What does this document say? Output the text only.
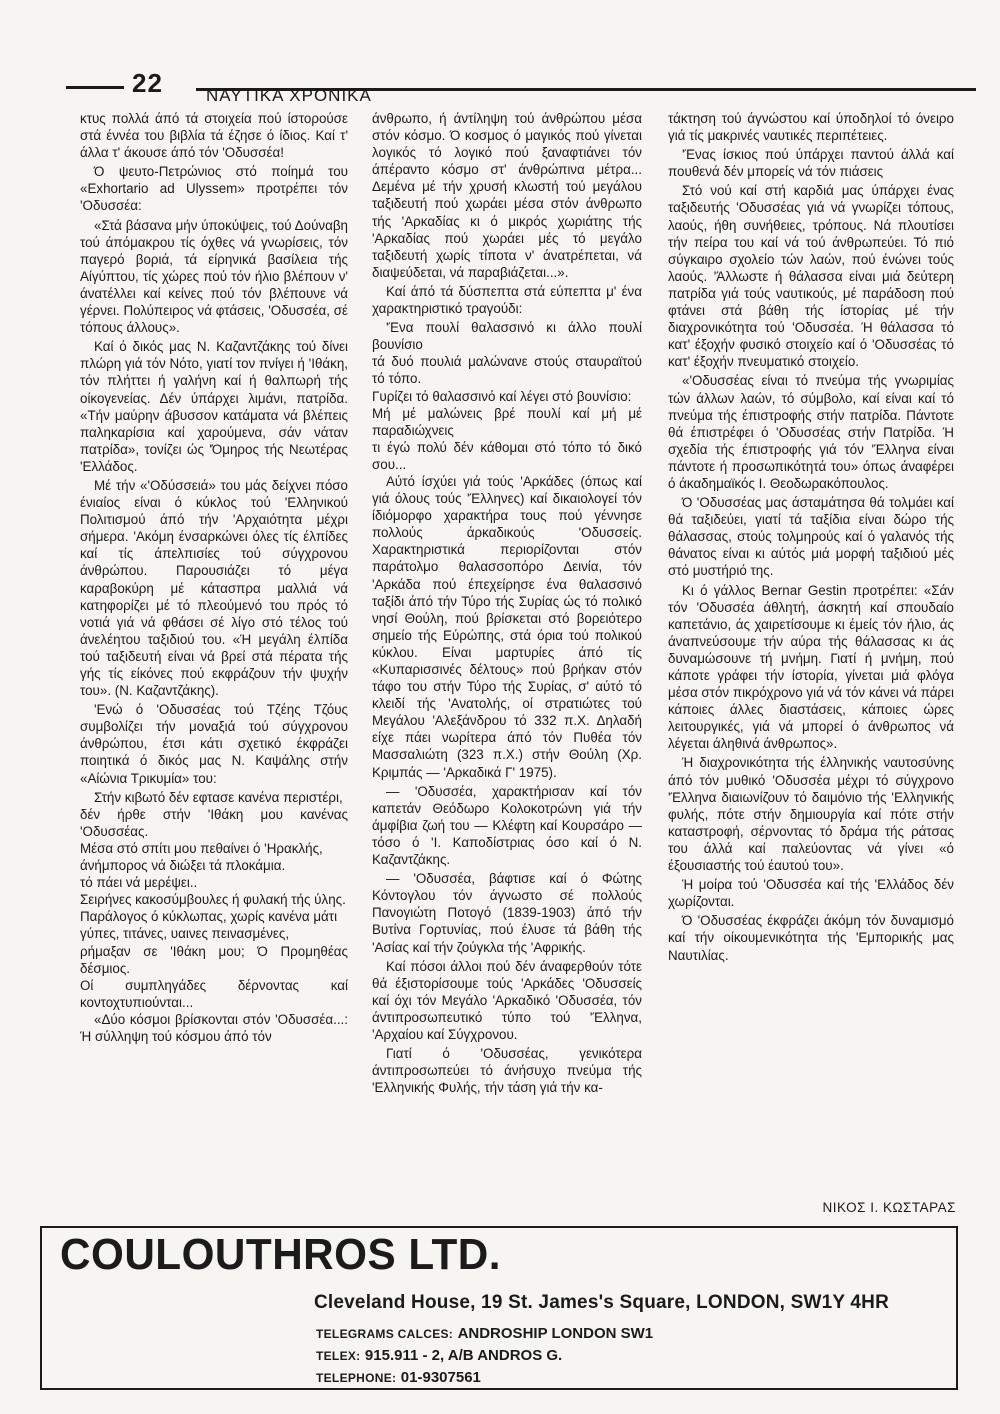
22	ΝΑΥΤΙΚΑ ΧΡΟΝΙΚΑ

κτυς πολλά άπό τά στοιχεία πού ίστορούσε στά έννέα του βιβλία τά έζησε ό ίδιος. Καί τ' άλλα τ' άκουσε άπό τόν 'Οδυσσέα!

Ό ψευτο-Πετρώνιος στό ποίημά του «Exhortario ad Ulyssem» προτρέπει τόν 'Οδυσσέα:

«Στά βάσανα μήν ύποκύψεις, τού Δούναβη τού άπόμακρου τίς όχθες νά γνωρίσεις, τόν παγερό βοριά, τά είρηνικά βασίλεια τής Αίγύπτου, τίς χώρες πού τόν ήλιο βλέπουν ν' άνατέλλει καί κείνες πού τόν βλέπουνε νά γέρνει. Πολύπειρος νά φτάσεις, 'Οδυσσέα, σέ τόπους άλλους».

Καί ό δικός μας Ν. Καζαντζάκης τού δίνει πλώρη γιά τόν Νότο, γιατί τον πνίγει ή 'Ιθάκη, τόν πλήττει ή γαλήνη καί ή θαλπωρή τής οίκογενείας. Δέν ύπάρχει λιμάνι, πατρίδα. «Τήν μαύρην άβυσσον κατάματα νά βλέπεις παληκαρίσια καί χαρούμενα, σάν νάταν πατρίδα», τονίζει ώς 'Όμηρος τής Νεωτέρας 'Ελλάδος.

Μέ τήν «'Οδύσσειά» του μάς δείχνει πόσο ένιαίος είναι ό κύκλος τού 'Ελληνικού Πολιτισμού άπό τήν 'Αρχαιότητα μέχρι σήμερα. 'Ακόμη ένσαρκώνει όλες τίς έλπίδες καί τίς άπελπισίες τού σύγχρονου άνθρώπου. Παρουσιάζει τό μέγα καραβοκύρη μέ κάτασπρα μαλλιά νά κατηφορίζει μέ τό πλεούμενό του πρός τό νοτιά γιά νά φθάσει σέ λίγο στό τέλος τού άνελέητου ταξιδιού του. «Ή μεγάλη έλπίδα τού ταξιδευτή είναι νά βρεί στά πέρατα τής γής τίς είκόνες πού εκφράζουν τήν ψυχήν του». (Ν. Καζαντζάκης).

'Ενώ ό 'Οδυσσέας τού Τζέης Τζόυς συμβολίζει τήν μοναξιά τού σύγχρονου άνθρώπου, έτσι κάτι σχετικό έκφράζει ποιητικά ό δικός μας Ν. Καψάλης στήν «Αίώνια Τρικυμία» του:

Στήν κιβωτό δέν εφτασε κανένα περιστέρι,

δέν ήρθε στήν 'Ιθάκη μου κανένας 'Οδυσσέας.

Μέσα στό σπίτι μου πεθαίνει ό 'Ηρακλής,

άνήμπορος νά διώξει τά πλοκάμια.

τό πάει νά μερέψει..

Σειρήνες κακοσύμβουλες ή φυλακή τής ύλης.

Παράλογος ό κύκλωπας, χωρίς κανένα μάτι

γύπες, τιτάνες, υαινες πεινασμένες,

ρήμαξαν σε 'Ιθάκη μου; Ό Προμηθέας δέσμιος.

Οί συμπληγάδες δέρνοντας καί κοντοχτυπιούνται...

«Δύο κόσμοι βρίσκονται στόν 'Οδυσσέα...: Ή σύλληψη τού κόσμου άπό τόν

άνθρωπο, ή άντίληψη τού άνθρώπου μέσα στόν κόσμο. Ό κοσμος ό μαγικός πού γίνεται λογικός τό λογικό πού ξαναφτιάνει τόν άπέραντο κόσμο στ' άνθρώπινα μέτρα... Δεμένα μέ τήν χρυσή κλωστή τού μεγάλου ταξιδευτή πού χωράει μέσα στόν άνθρωπο τής 'Αρκαδίας κι ό μικρός χωριάτης τής 'Αρκαδίας πού χωράει μές τό μεγάλο ταξιδευτή χωρίς τίποτα ν' άνατρέπεται, νά διαψεύδεται, νά παραβιάζεται...».

Καί άπό τά δύσπεπτα στά εύπεπτα μ' ένα χαρακτηριστικό τραγούδι:

'Ένα πουλί θαλασσινό κι άλλο πουλί βουνίσιο

τά δυό πουλιά μαλώνανε στούς σταυραϊτού τό τόπο.

Γυρίζει τό θαλασσινό καί λέγει στό βουνίσιο:

Μή μέ μαλώνεις βρέ πουλί καί μή μέ παραδιώχνεις

τι έγώ πολύ δέν κάθομαι στό τόπο τό δικό σου...

Αύτό ίσχύει γιά τούς 'Αρκάδες (όπως καί γιά όλους τούς 'Έλληνες) καί δικαιολογεί τόν ίδιόμορφο χαρακτήρα τους πού γέννησε πολλούς άρκαδικούς 'Οδυσσείς. Χαρακτηριστικά περιορίζονται στόν παράτολμο θαλασσοπόρο Δεινία, τόν 'Αρκάδα πού έπεχείρησε ένα θαλασσινό ταξίδι άπό τήν Τύρο τής Συρίας ώς τό πολικό νησί Θούλη, πού βρίσκεται στό βορειότερο σημείο τής Εύρώπης, στά όρια τού πολικού κύκλου. Είναι μαρτυρίες άπό τίς «Κυπαρισσινές δέλτους» πού βρήκαν στόν τάφο του στήν Τύρο τής Συρίας, σ' αύτό τό κλειδί τής 'Ανατολής, οί στρατιώτες τού Μεγάλου 'Αλεξάνδρου τό 332 π.Χ. Δηλαδή είχε πάει νωρίτερα άπό τόν Πυθέα τόν Μασσαλιώτη (323 π.Χ.) στήν Θούλη (Χρ. Κριμπάς — 'Αρκαδικά Γ' 1975).

— 'Οδυσσέα, χαρακτήρισαν καί τόν καπετάν Θεόδωρο Κολοκοτρώνη γιά τήν άμφίβια ζωή του — Κλέφτη καί Κουρσάρο — τόσο ό 'Ι. Καποδίστριας όσο καί ό Ν. Καζαντζάκης.

— 'Οδυσσέα, βάφτισε καί ό Φώτης Κόντογλου τόν άγνωστο σέ πολλούς Πανογιώτη Ποτογό (1839-1903) άπό τήν Βυτίνα Γορτυνίας, πού έλυσε τά βάθη τής 'Ασίας καί τήν ζούγκλα τής 'Αφρικής.

Καί πόσοι άλλοι πού δέν άναφερθούν τότε θά έξιστορίσουμε τούς 'Αρκάδες 'Οδυσσείς καί όχι τόν Μεγάλο 'Αρκαδικό 'Οδυσσέα, τόν άντιπροσωπευτικό τύπο τού 'Έλληνα, 'Αρχαίου καί Σύγχρονου.

Γιατί ό 'Οδυσσέας, γενικότερα άντιπροσωπεύει τό άνήσυχο πνεύμα τής 'Ελληνικής Φυλής, τήν τάση γιά τήν κα-

τάκτηση τού άγνώστου καί ύποδηλοί τό όνειρο γιά τίς μακρινές ναυτικές περιπέτειες.

'Ένας ίσκιος πού ύπάρχει παντού άλλά καί πουθενά δέν μπορείς νά τόν πιάσεις

Στό νού καί στή καρδιά μας ύπάρχει ένας ταξιδευτής 'Οδυσσέας γιά νά γνωρίζει τόπους, λαούς, ήθη συνήθειες, τρόπους. Νά πλουτίσει τήν πείρα του καί νά τού άνθρωπεύει. Τό πιό σύγκαιρο σχολείο τών λαών, πού ένώνει τούς λαούς. 'Άλλωστε ή θάλασσα είναι μιά δεύτερη πατρίδα γιά τούς ναυτικούς, μέ παράδοση πού φτάνει στά βάθη τής ίστορίας μέ τήν διαχρονικότητα τού 'Οδυσσέα. Ή θάλασσα τό κατ' έξοχήν φυσικό στοιχείο καί ό 'Οδυσσέας τό κατ' έξοχήν πνευματικό στοιχείο.

«'Οδυσσέας είναι τό πνεύμα τής γνωριμίας τών άλλων λαών, τό σύμβολο, καί είναι καί τό πνεύμα τής έπιστροφής στήν πατρίδα. Πάντοτε θά έπιστρέφει ό 'Οδυσσέας στήν Πατρίδα. Ή σχεδία τής έπιστροφής γιά τόν 'Έλληνα είναι πάντοτε ή προσωπικότητά του» όπως άναφέρει ό άκαδημαϊκός Ι. Θεοδωρακόπουλος.

Ό 'Οδυσσέας μας άσταμάτησα θά τολμάει καί θά ταξιδεύει, γιατί τά ταξίδια είναι δώρο τής θάλασσας, στούς τολμηρούς καί ό γαλανός τής θάνατος είναι κι αύτός μιά μορφή ταξιδιού μές στό μυστήριό της.

Κι ό γάλλος Bernar Gestin προτρέπει: «Σάν τόν 'Οδυσσέα άθλητή, άσκητή καί σπουδαίο καπετάνιο, άς χαιρετίσουμε κι έμείς τόν ήλιο, άς άναπνεύσουμε τήν αύρα τής θάλασσας κι άς δυναμώσουνε τή μνήμη. Γιατί ή μνήμη, πού κάποτε γράφει τήν ίστορία, γίνεται μιά φλόγα μέσα στόν πικρόχρονο γιά νά τόν κάνει νά πάρει κάποιες άλλες διαστάσεις, κάποιες ώρες λειτουργικές, γιά νά μπορεί ό άνθρωπος νά λέγεται άληθινά άνθρωπος».

Ή διαχρονικότητα τής έλληνικής ναυτοσύνης άπό τόν μυθικό 'Οδυσσέα μέχρι τό σύγχρονο 'Έλληνα διαιωνίζουν τό δαιμόνιο τής 'Ελληνικής φυλής, πότε στήν δημιουργία καί πότε στήν καταστροφή, σέρνοντας τό δράμα τής ράτσας του άλλά καί παλεύοντας νά γίνει «ό έξουσιαστής τού έαυτού του».

Ή μοίρα τού 'Οδυσσέα καί τής 'Ελλάδος δέν χωρίζονται.

Ό 'Οδυσσέας έκφράζει άκόμη τόν δυναμισμό καί τήν οίκουμενικότητα τής 'Εμπορικής μας Ναυτιλίας.

ΝΙΚΟΣ Ι. ΚΩΣΤΑΡΑΣ
COULOUTHROS LTD.
Cleveland House, 19 St. James's Square, LONDON, SW1Y 4HR
TELEGRAMS CALCES: ANDROSHIP LONDON SW1
TELEX: 915.911 - 2, A/B ANDROS G.
TELEPHONE: 01-9307561
